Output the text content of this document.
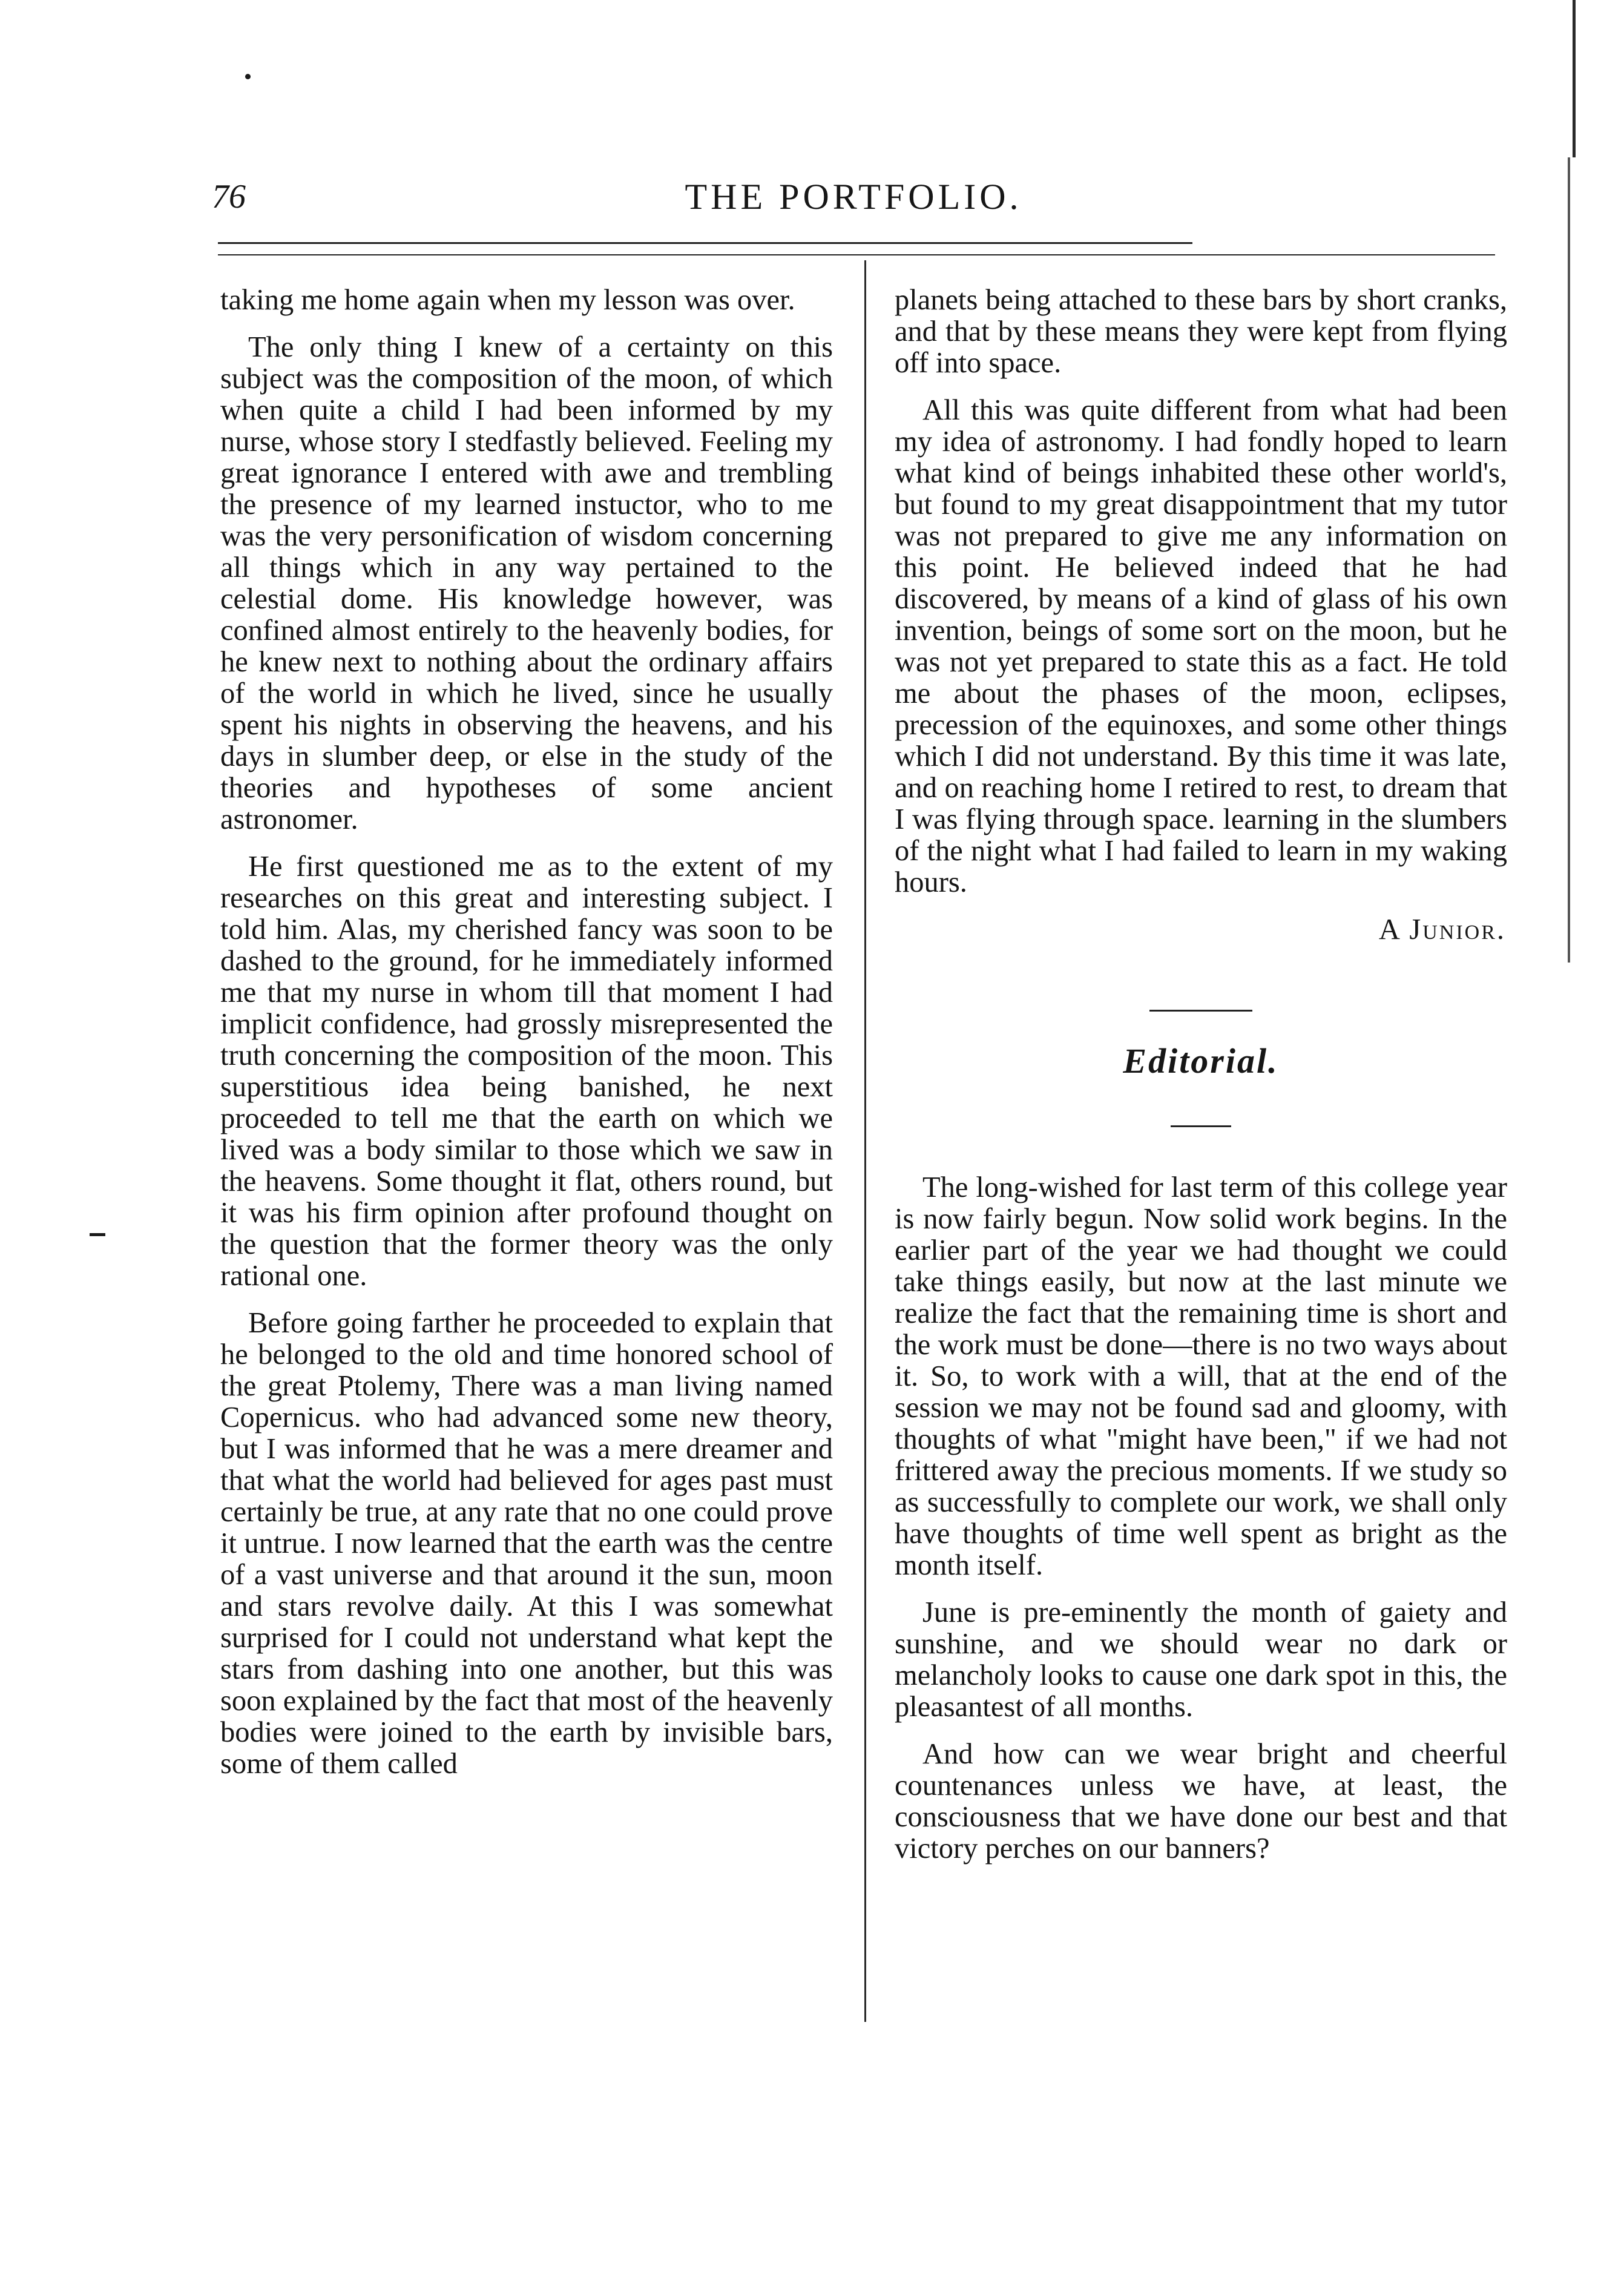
76	THE PORTFOLIO.

taking me home again when my lesson was over.

The only thing I knew of a certainty on this subject was the composition of the moon, of which when quite a child I had been informed by my nurse, whose story I stedfastly believed. Feeling my great ignorance I entered with awe and trembling the presence of my learned instuctor, who to me was the very personification of wisdom concerning all things which in any way pertained to the celestial dome. His knowledge however, was confined almost entirely to the heavenly bodies, for he knew next to nothing about the ordinary affairs of the world in which he lived, since he usually spent his nights in observing the heavens, and his days in slumber deep, or else in the study of the theories and hypotheses of some ancient astronomer.

He first questioned me as to the extent of my researches on this great and interesting subject. I told him. Alas, my cherished fancy was soon to be dashed to the ground, for he immediately informed me that my nurse in whom till that moment I had implicit confidence, had grossly misrepresented the truth concerning the composition of the moon. This superstitious idea being banished, he next proceeded to tell me that the earth on which we lived was a body similar to those which we saw in the heavens. Some thought it flat, others round, but it was his firm opinion after profound thought on the question that the former theory was the only rational one.

Before going farther he proceeded to explain that he belonged to the old and time honored school of the great Ptolemy, There was a man living named Copernicus. who had advanced some new theory, but I was informed that he was a mere dreamer and that what the world had believed for ages past must certainly be true, at any rate that no one could prove it untrue. I now learned that the earth was the centre of a vast universe and that around it the sun, moon and stars revolve daily. At this I was somewhat surprised for I could not understand what kept the stars from dashing into one another, but this was soon explained by the fact that most of the heavenly bodies were joined to the earth by invisible bars, some of them called

planets being attached to these bars by short cranks, and that by these means they were kept from flying off into space.

All this was quite different from what had been my idea of astronomy. I had fondly hoped to learn what kind of beings inhabited these other world's, but found to my great disappointment that my tutor was not prepared to give me any information on this point. He believed indeed that he had discovered, by means of a kind of glass of his own invention, beings of some sort on the moon, but he was not yet prepared to state this as a fact. He told me about the phases of the moon, eclipses, precession of the equinoxes, and some other things which I did not understand. By this time it was late, and on reaching home I retired to rest, to dream that I was flying through space. learning in the slumbers of the night what I had failed to learn in my waking hours.

A Junior.

Editorial.

The long-wished for last term of this college year is now fairly begun. Now solid work begins. In the earlier part of the year we had thought we could take things easily, but now at the last minute we realize the fact that the remaining time is short and the work must be done—there is no two ways about it. So, to work with a will, that at the end of the session we may not be found sad and gloomy, with thoughts of what "might have been," if we had not frittered away the precious moments. If we study so as successfully to complete our work, we shall only have thoughts of time well spent as bright as the month itself.

June is pre-eminently the month of gaiety and sunshine, and we should wear no dark or melancholy looks to cause one dark spot in this, the pleasantest of all months.

And how can we wear bright and cheerful countenances unless we have, at least, the consciousness that we have done our best and that victory perches on our banners?
